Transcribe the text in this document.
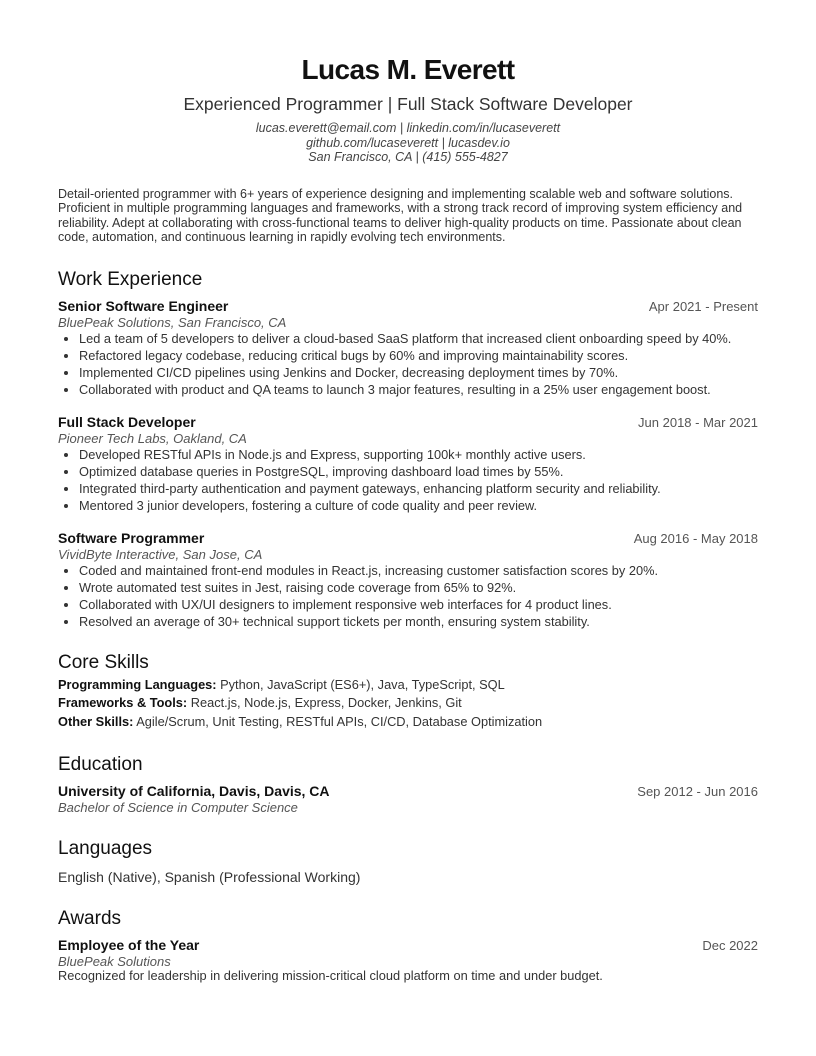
Lucas M. Everett
Experienced Programmer | Full Stack Software Developer
lucas.everett@email.com | linkedin.com/in/lucaseverett
github.com/lucaseverett | lucasdev.io
San Francisco, CA | (415) 555-4827
Detail-oriented programmer with 6+ years of experience designing and implementing scalable web and software solutions. Proficient in multiple programming languages and frameworks, with a strong track record of improving system efficiency and reliability. Adept at collaborating with cross-functional teams to deliver high-quality products on time. Passionate about clean code, automation, and continuous learning in rapidly evolving tech environments.
Work Experience
Senior Software Engineer	Apr 2021 - Present
BluePeak Solutions, San Francisco, CA
• Led a team of 5 developers to deliver a cloud-based SaaS platform that increased client onboarding speed by 40%.
• Refactored legacy codebase, reducing critical bugs by 60% and improving maintainability scores.
• Implemented CI/CD pipelines using Jenkins and Docker, decreasing deployment times by 70%.
• Collaborated with product and QA teams to launch 3 major features, resulting in a 25% user engagement boost.
Full Stack Developer	Jun 2018 - Mar 2021
Pioneer Tech Labs, Oakland, CA
• Developed RESTful APIs in Node.js and Express, supporting 100k+ monthly active users.
• Optimized database queries in PostgreSQL, improving dashboard load times by 55%.
• Integrated third-party authentication and payment gateways, enhancing platform security and reliability.
• Mentored 3 junior developers, fostering a culture of code quality and peer review.
Software Programmer	Aug 2016 - May 2018
VividByte Interactive, San Jose, CA
• Coded and maintained front-end modules in React.js, increasing customer satisfaction scores by 20%.
• Wrote automated test suites in Jest, raising code coverage from 65% to 92%.
• Collaborated with UX/UI designers to implement responsive web interfaces for 4 product lines.
• Resolved an average of 30+ technical support tickets per month, ensuring system stability.
Core Skills
Programming Languages: Python, JavaScript (ES6+), Java, TypeScript, SQL
Frameworks & Tools: React.js, Node.js, Express, Docker, Jenkins, Git
Other Skills: Agile/Scrum, Unit Testing, RESTful APIs, CI/CD, Database Optimization
Education
University of California, Davis, Davis, CA	Sep 2012 - Jun 2016
Bachelor of Science in Computer Science
Languages
English (Native), Spanish (Professional Working)
Awards
Employee of the Year	Dec 2022
BluePeak Solutions
Recognized for leadership in delivering mission-critical cloud platform on time and under budget.
